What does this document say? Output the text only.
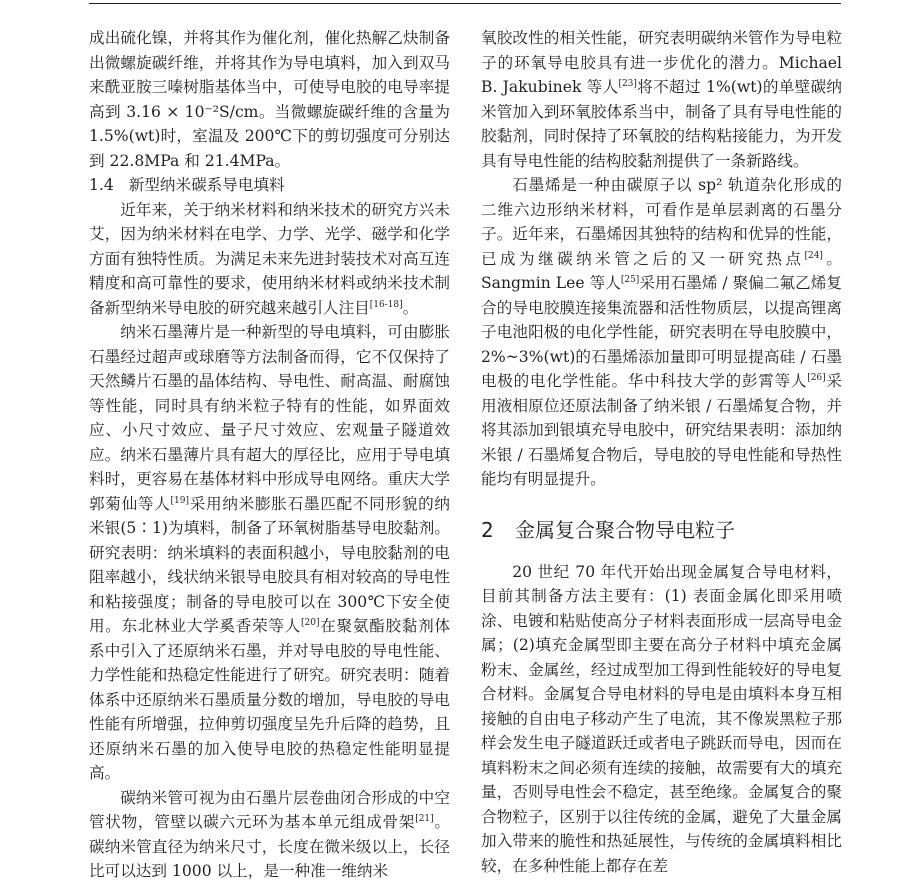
成出硫化镍，并将其作为催化剂，催化热解乙炔制备出微螺旋碳纤维，并将其作为导电填料，加入到双马来酰亚胺三嗪树脂基体当中，可使导电胶的电导率提高到 3.16 × 10⁻²S/cm。当微螺旋碳纤维的含量为 1.5%(wt)时，室温及 200℃下的剪切强度可分别达到 22.8MPa 和 21.4MPa。

1.4 新型纳米碳系导电填料

近年来，关于纳米材料和纳米技术的研究方兴未艾，因为纳米材料在电学、力学、光学、磁学和化学方面有独特性质。为满足未来先进封装技术对高互连精度和高可靠性的要求，使用纳米材料或纳米技术制备新型纳米导电胶的研究越来越引人注目[16-18]。

纳米石墨薄片是一种新型的导电填料，可由膨胀石墨经过超声或球磨等方法制备而得，它不仅保持了天然鳞片石墨的晶体结构、导电性、耐高温、耐腐蚀等性能，同时具有纳米粒子特有的性能，如界面效应、小尺寸效应、量子尺寸效应、宏观量子隧道效应。纳米石墨薄片具有超大的厚径比，应用于导电填料时，更容易在基体材料中形成导电网络。重庆大学郭菊仙等人[19]采用纳米膨胀石墨匹配不同形貌的纳米银(5∶1)为填料，制备了环氧树脂基导电胶黏剂。研究表明：纳米填料的表面积越小，导电胶黏剂的电阻率越小，线状纳米银导电胶具有相对较高的导电性和粘接强度；制备的导电胶可以在 300℃下安全使用。东北林业大学奚香荣等人[20]在聚氨酯胶黏剂体系中引入了还原纳米石墨，并对导电胶的导电性能、力学性能和热稳定性能进行了研究。研究表明：随着体系中还原纳米石墨质量分数的增加，导电胶的导电性能有所增强，拉伸剪切强度呈先升后降的趋势，且还原纳米石墨的加入使导电胶的热稳定性能明显提高。

碳纳米管可视为由石墨片层卷曲闭合形成的中空管状物，管壁以碳六元环为基本单元组成骨架[21]。碳纳米管直径为纳米尺寸，长度在微米级以上，长径比可以达到 1000 以上，是一种准一维纳米

氧胶改性的相关性能，研究表明碳纳米管作为导电粒子的环氧导电胶具有进一步优化的潜力。Michael B. Jakubinek 等人[23]将不超过 1%(wt)的单壁碳纳米管加入到环氧胶体系当中，制备了具有导电性能的胶黏剂，同时保持了环氧胶的结构粘接能力，为开发具有导电性能的结构胶黏剂提供了一条新路线。

石墨烯是一种由碳原子以 sp² 轨道杂化形成的二维六边形纳米材料，可看作是单层剥离的石墨分子。近年来，石墨烯因其独特的结构和优异的性能，已成为继碳纳米管之后的又一研究热点[24]。Sangmin Lee 等人[25]采用石墨烯 / 聚偏二氟乙烯复合的导电胶膜连接集流器和活性物质层，以提高锂离子电池阳极的电化学性能，研究表明在导电胶膜中，2%~3%(wt)的石墨烯添加量即可明显提高硅 / 石墨电极的电化学性能。华中科技大学的彭霄等人[26]采用液相原位还原法制备了纳米银 / 石墨烯复合物，并将其添加到银填充导电胶中，研究结果表明：添加纳米银 / 石墨烯复合物后，导电胶的导电性能和导热性能均有明显提升。

2 金属复合聚合物导电粒子

20 世纪 70 年代开始出现金属复合导电材料，目前其制备方法主要有：(1) 表面金属化即采用喷涂、电镀和粘贴使高分子材料表面形成一层高导电金属；(2)填充金属型即主要在高分子材料中填充金属粉末、金属丝，经过成型加工得到性能较好的导电复合材料。金属复合导电材料的导电是由填料本身互相接触的自由电子移动产生了电流，其不像炭黑粒子那样会发生电子隧道跃迁或者电子跳跃而导电，因而在填料粉末之间必须有连续的接触，故需要有大的填充量，否则导电性会不稳定，甚至绝缘。金属复合的聚合物粒子，区别于以往传统的金属，避免了大量金属加入带来的脆性和热延展性，与传统的金属填料相比较，在多种性能上都存在差
